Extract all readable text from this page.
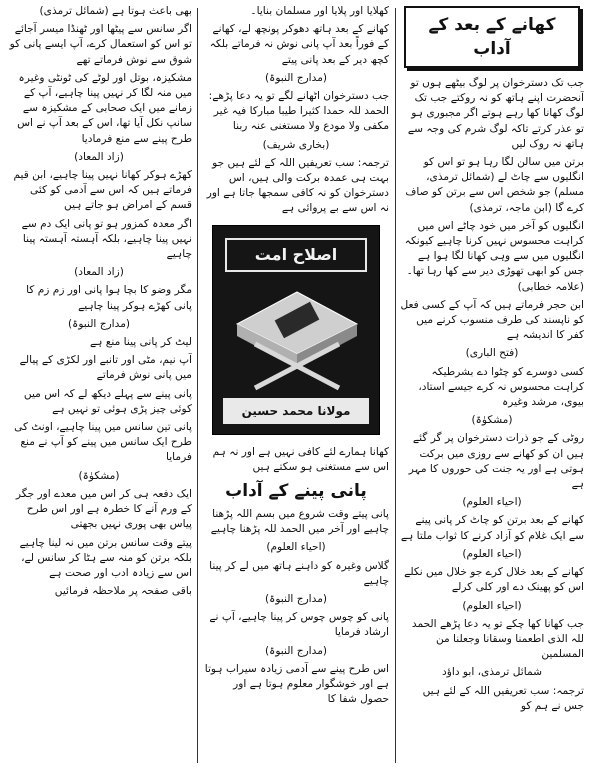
کھانے کے بعد کے آداب

جب تک دسترخوان پر لوگ بیٹھے ہوں تو آنحضرت اپنے ہاتھ کو نہ روکتے جب تک لوگ کھانا کھا رہے ہوتے اگر مجبوری ہو تو عذر کرتے تاکہ لوگ شرم کی وجہ سے ہاتھ نہ روک لیں

برتن میں سالن لگا رہا ہو تو اس کو انگلیوں سے چاٹ لے (شمائل ترمذی، مسلم) جو شخص اس سے برتن کو صاف کرے گا (ابن ماجہ، ترمذی)

انگلیوں کو آخر میں خود چاٹے اس میں کراہت محسوس نہیں کرنا چاہیے کیونکہ انگلیوں میں سے وہی کھانا لگا ہوا ہے جس کو ابھی تھوڑی دیر سے کھا رہا تھا۔ (علامہ خطابی)

ابن حجر فرماتے ہیں کہ آپ کے کسی فعل کو ناپسند کی طرف منسوب کرنے میں کفر کا اندیشہ ہے

(فتح الباری)

کسی دوسرے کو چٹوا دے بشرطیکہ کراہت محسوس نہ کرے جیسے استاد، بیوی، مرشد وغیرہ

(مشکوٰۃ)

روٹی کے جو ذرات دسترخوان پر گر گئے ہیں ان کو کھانے سے روزی میں برکت ہوتی ہے اور یہ جنت کی حوروں کا مہر ہے

(احیاء العلوم)

کھانے کے بعد برتن کو چاٹ کر پانی پینے سے ایک غلام کو آزاد کرنے کا ثواب ملتا ہے

(احیاء العلوم)

کھانے کے بعد خلال کرے جو خلال میں نکلے اس کو پھینک دے اور کلی کرلے

(احیاء العلوم)

جب کھانا کھا چکے تو یہ دعا پڑھے الحمد للہ الذی اطعمنا وسقانا وجعلنا من المسلمین

شمائل ترمذی، ابو داؤد

ترجمہ: سب تعریفیں اللہ کے لئے ہیں جس نے ہم کو

کھلایا اور پلایا اور مسلمان بنایا۔

کھانے کے بعد ہاتھ دھوکر پونچھ لے، کھانے کے فوراً بعد آپ پانی نوش نہ فرماتے بلکہ کچھ دیر کے بعد پانی پیتے

(مدارج النبوۃ)

جب دسترخوان اٹھانے لگے تو یہ دعا پڑھے: الحمد للہ حمدا کثیرا طیبا مبارکا فیہ غیر مکفی ولا مودع ولا مستغنی عنہ ربنا

(بخاری شریف)

ترجمہ: سب تعریفیں اللہ کے لئے ہیں جو بہت ہی عمدہ برکت والی ہیں، اس دسترخوان کو نہ کافی سمجھا جاتا ہے اور نہ اس سے بے پروائی ہے

اصلاح امت
مولانا محمد حسین

کھانا ہمارے لئے کافی نہیں ہے اور نہ ہم اس سے مستغنی ہو سکتے ہیں

پانی پینے کے آداب

پانی پیتے وقت شروع میں بسم اللہ پڑھنا چاہیے اور آخر میں الحمد للہ پڑھنا چاہیے

(احیاء العلوم)

گلاس وغیرہ کو داہنے ہاتھ میں لے کر پینا چاہیے

(مدارج النبوۃ)

پانی کو چوس چوس کر پینا چاہیے، آپ نے ارشاد فرمایا

(مدارج النبوۃ)

اس طرح پینے سے آدمی زیادہ سیراب ہوتا ہے اور خوشگوار معلوم ہوتا ہے اور حصول شفا کا

بھی باعث ہوتا ہے (شمائل ترمذی)

اگر سانس سے پیٹھا اور ٹھنڈا میسر آجائے تو اس کو استعمال کرے، آپ ایسے پانی کو شوق سے نوش فرماتے تھے

مشکیزہ، بوتل اور لوٹے کی ٹونٹی وغیرہ میں منہ لگا کر نہیں پینا چاہیے، آپ کے زمانے میں ایک صحابی کے مشکیزہ سے سانپ نکل آیا تھا، اس کے بعد آپ نے اس طرح پینے سے منع فرمادیا

(زاد المعاد)

کھڑے ہوکر کھانا نہیں پینا چاہیے، ابن قیم فرماتے ہیں کہ اس سے آدمی کو کئی قسم کے امراض ہو جاتے ہیں

اگر معدہ کمزور ہو تو پانی ایک دم سے نہیں پینا چاہیے، بلکہ آہستہ آہستہ پینا چاہیے

(زاد المعاد)

مگر وضو کا بچا ہوا پانی اور زم زم کا پانی کھڑے ہوکر پینا چاہیے

(مدارج النبوۃ)

لیٹ کر پانی پینا منع ہے

آپ نیم، مٹی اور تانبے اور لکڑی کے پیالے میں پانی نوش فرماتے

پانی پینے سے پہلے دیکھ لے کہ اس میں کوئی چیز پڑی ہوئی تو نہیں ہے

پانی تین سانس میں پینا چاہیے، اونٹ کی طرح ایک سانس میں پینے کو آپ نے منع فرمایا

(مشکوٰۃ)

ایک دفعہ ہی کر اس میں معدے اور جگر کے ورم آنے کا خطرہ ہے اور اس طرح پیاس بھی پوری نہیں بجھتی

پیتے وقت سانس برتن میں نہ لینا چاہیے بلکہ برتن کو منہ سے ہٹا کر سانس لے، اس سے زیادہ ادب اور صحت ہے

باقی صفحہ پر ملاحظہ فرمائیں
